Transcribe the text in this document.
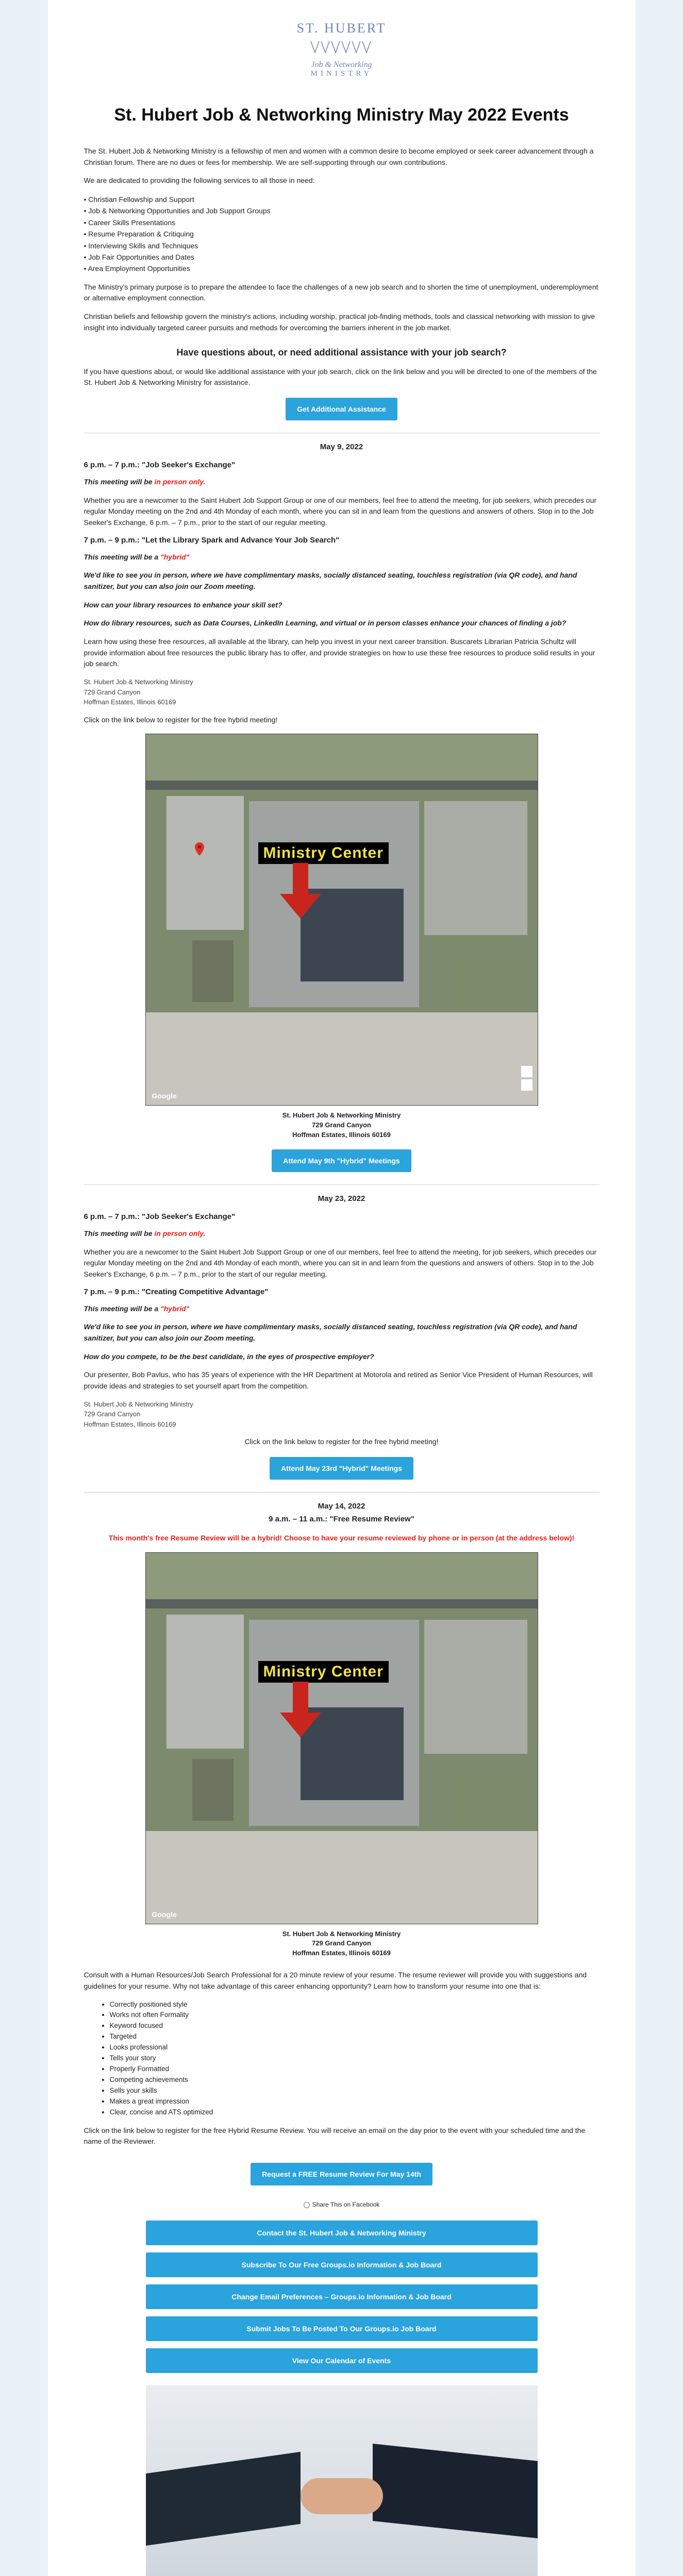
ST. HUBERT
Job & Networking
MINISTRY
St. Hubert Job & Networking Ministry May 2022 Events

The St. Hubert Job & Networking Ministry is a fellowship of men and women with a common desire to become employed or seek career advancement through a Christian forum. There are no dues or fees for membership. We are self-supporting through our own contributions.

We are dedicated to providing the following services to all those in need:

• Christian Fellowship and Support
• Job & Networking Opportunities and Job Support Groups
• Career Skills Presentations
• Resume Preparation & Critiquing
• Interviewing Skills and Techniques
• Job Fair Opportunities and Dates
• Area Employment Opportunities

The Ministry's primary purpose is to prepare the attendee to face the challenges of a new job search and to shorten the time of unemployment, underemployment or alternative employment connection.

Christian beliefs and fellowship govern the ministry's actions, including worship, practical job-finding methods, tools and classical networking with mission to give insight into individually targeted career pursuits and methods for overcoming the barriers inherent in the job market.

Have questions about, or need additional assistance with your job search?

If you have questions about, or would like additional assistance with your job search, click on the link below and you will be directed to one of the members of the St. Hubert Job & Networking Ministry for assistance.

Get Additional Assistance
May 9, 2022
6 p.m. – 7 p.m.: "Job Seeker's Exchange"

This meeting will be in person only.

Whether you are a newcomer to the Saint Hubert Job Support Group or one of our members, feel free to attend the meeting, for job seekers, which precedes our regular Monday meeting on the 2nd and 4th Monday of each month, where you can sit in and learn from the questions and answers of others. Stop in to the Job Seeker's Exchange, 6 p.m. – 7 p.m., prior to the start of our regular meeting.

7 p.m. – 9 p.m.: "Let the Library Spark and Advance Your Job Search"

This meeting will be a "hybrid"

We'd like to see you in person, where we have complimentary masks, socially distanced seating, touchless registration (via QR code), and hand sanitizer, but you can also join our Zoom meeting.

How can your library resources to enhance your skill set?

How do library resources, such as Data Courses, LinkedIn Learning, and virtual or in person classes enhance your chances of finding a job?

Learn how using these free resources, all available at the library, can help you invest in your next career transition. Buscarets Librarian Patricia Schultz will provide information about free resources the public library has to offer, and provide strategies on how to use these free resources to produce solid results in your job search.

St. Hubert Job & Networking Ministry
729 Grand Canyon
Hoffman Estates, Illinois 60169

Click on the link below to register for the free hybrid meeting!

Ministry Center
Google
St. Hubert Job & Networking Ministry
729 Grand Canyon
Hoffman Estates, Illinois 60169
Attend May 9th "Hybrid" Meetings
May 23, 2022
6 p.m. – 7 p.m.: "Job Seeker's Exchange"

This meeting will be in person only.

Whether you are a newcomer to the Saint Hubert Job Support Group or one of our members, feel free to attend the meeting, for job seekers, which precedes our regular Monday meeting on the 2nd and 4th Monday of each month, where you can sit in and learn from the questions and answers of others. Stop in to the Job Seeker's Exchange, 6 p.m. – 7 p.m., prior to the start of our regular meeting.

7 p.m. – 9 p.m.: "Creating Competitive Advantage"

This meeting will be a "hybrid"

We'd like to see you in person, where we have complimentary masks, socially distanced seating, touchless registration (via QR code), and hand sanitizer, but you can also join our Zoom meeting.

How do you compete, to be the best candidate, in the eyes of prospective employer?

Our presenter, Bob Pavlus, who has 35 years of experience with the HR Department at Motorola and retired as Senior Vice President of Human Resources, will provide ideas and strategies to set yourself apart from the competition.

St. Hubert Job & Networking Ministry
729 Grand Canyon
Hoffman Estates, Illinois 60169

Click on the link below to register for the free hybrid meeting!

Attend May 23rd "Hybrid" Meetings
May 14, 2022
9 a.m. – 11 a.m.: "Free Resume Review"

This month's free Resume Review will be a hybrid! Choose to have your resume reviewed by phone or in person (at the address below)!

Ministry Center
Google
St. Hubert Job & Networking Ministry
729 Grand Canyon
Hoffman Estates, Illinois 60169

Consult with a Human Resources/Job Search Professional for a 20 minute review of your resume. The resume reviewer will provide you with suggestions and guidelines for your resume. Why not take advantage of this career enhancing opportunity? Learn how to transform your resume into one that is:

• Correctly positioned style
• Works not often Formality
• Keyword focused
• Targeted
• Looks professional
• Tells your story
• Properly Formatted
• Competing achievements
• Sells your skills
• Makes a great impression
• Clear, concise and ATS optimized

Click on the link below to register for the free Hybrid Resume Review. You will receive an email on the day prior to the event with your scheduled time and the name of the Reviewer.

Request a FREE Resume Review For May 14th
Share This on Facebook
Contact the St. Hubert Job & Networking Ministry
Subscribe To Our Free Groups.io Information & Job Board
Change Email Preferences – Groups.io Information & Job Board
Submit Jobs To Be Posted To Our Groups.io Job Board
View Our Calendar of Events
